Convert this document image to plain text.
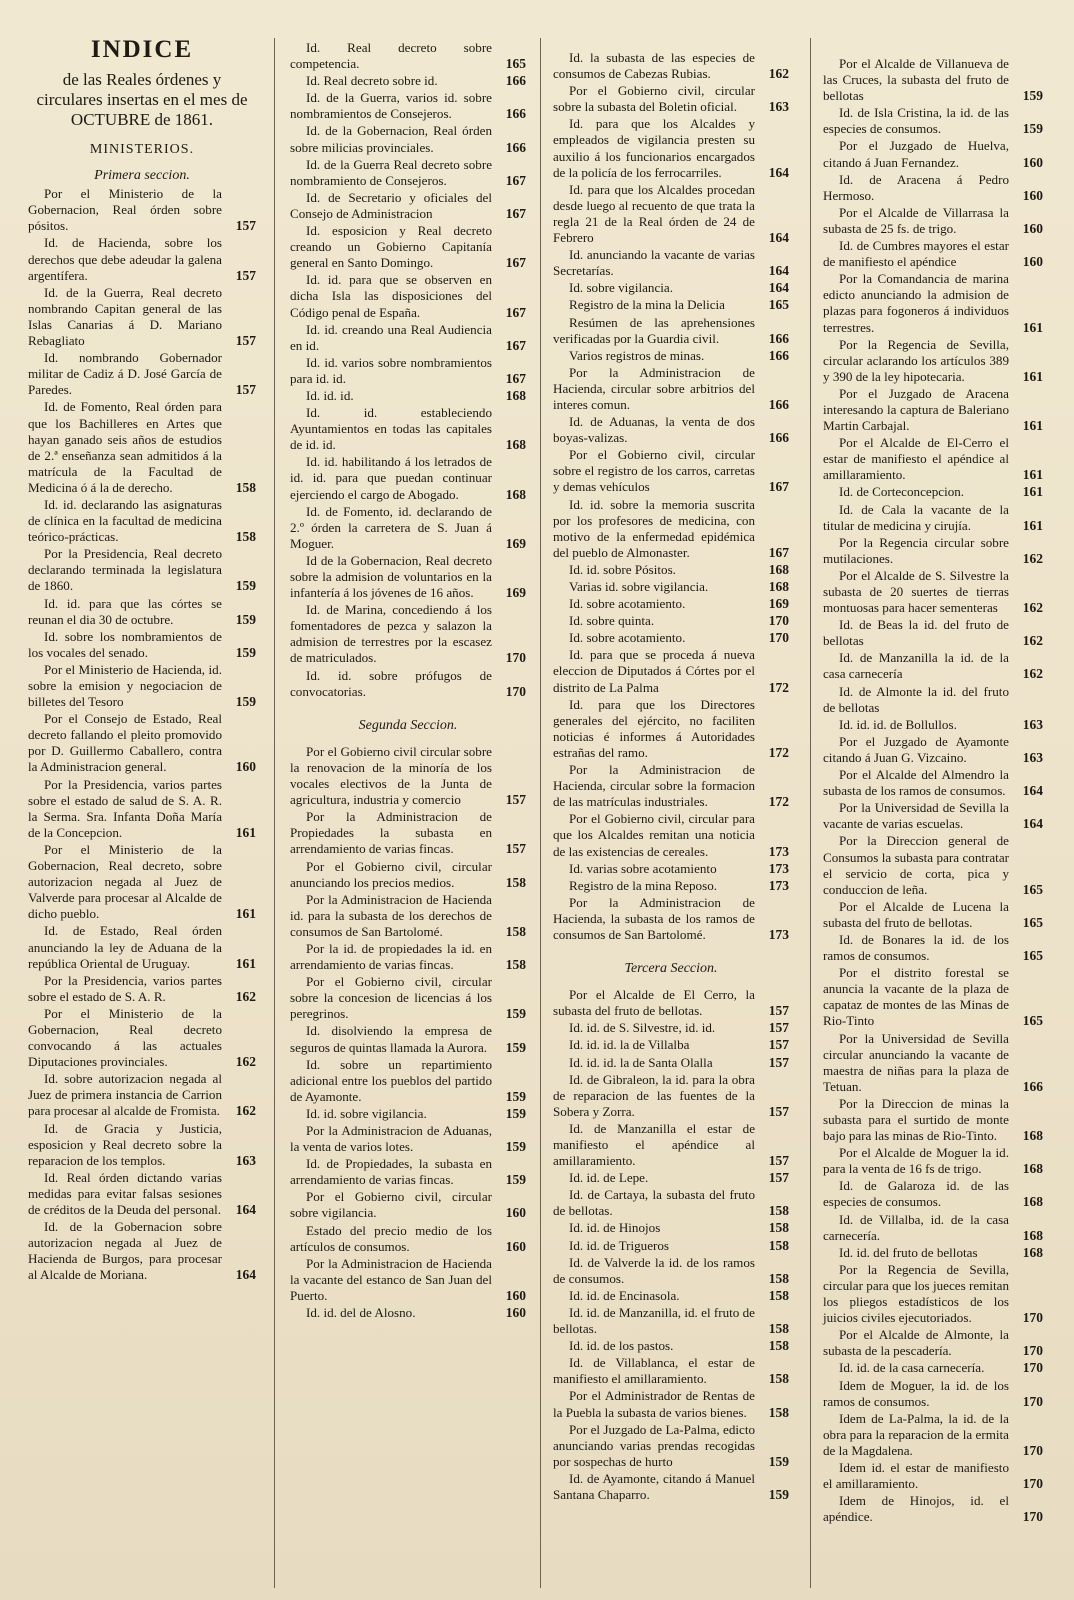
INDICE
de las Reales órdenes y circulares insertas en el mes de OCTUBRE de 1861.
MINISTERIOS.
Primera seccion.
Por el Ministerio de la Gobernacion, Real órden sobre pósitos.	157
Id. de Hacienda, sobre los derechos que debe adeudar la galena argentífera.	157
Id. de la Guerra, Real decreto nombrando Capitan general de las Islas Canarias á D. Mariano Rebagliato	157
Id. nombrando Gobernador militar de Cadiz á D. José García de Paredes.	157
Id. de Fomento, Real órden para que los Bachilleres en Artes que hayan ganado seis años de estudios de 2.ª enseñanza sean admitidos á la matrícula de la Facultad de Medicina ó á la de derecho.	158
Id. id. declarando las asignaturas de clínica en la facultad de medicina teórico-prácticas.	158
Por la Presidencia, Real decreto declarando terminada la legislatura de 1860.	159
Id. id. para que las córtes se reunan el dia 30 de octubre.	159
Id. sobre los nombramientos de los vocales del senado.	159
Por el Ministerio de Hacienda, id. sobre la emision y negociacion de billetes del Tesoro	159
Por el Consejo de Estado, Real decreto fallando el pleito promovido por D. Guillermo Caballero, contra la Administracion general.	160
Por la Presidencia, varios partes sobre el estado de salud de S. A. R. la Serma. Sra. Infanta Doña María de la Concepcion.	161
Por el Ministerio de la Gobernacion, Real decreto, sobre autorizacion negada al Juez de Valverde para procesar al Alcalde de dicho pueblo.	161
Id. de Estado, Real órden anunciando la ley de Aduana de la república Oriental de Uruguay.	161
Por la Presidencia, varios partes sobre el estado de S. A. R.	162
Por el Ministerio de la Gobernacion, Real decreto convocando á las actuales Diputaciones provinciales.	162
Id. sobre autorizacion negada al Juez de primera instancia de Carrion para procesar al alcalde de Fromista.	162
Id. de Gracia y Justicia, esposicion y Real decreto sobre la reparacion de los templos.	163
Id. Real órden dictando varias medidas para evitar falsas sesiones de créditos de la Deuda del personal.	164
Id. de la Gobernacion sobre autorizacion negada al Juez de Hacienda de Burgos, para procesar al Alcalde de Moriana.	164
Id. Real decreto sobre competencia.	165
Id. Real decreto sobre id.	166
Id. de la Guerra, varios id. sobre nombramientos de Consejeros.	166
Id. de la Gobernacion, Real órden sobre milicias provinciales.	166
Id. de la Guerra Real decreto sobre nombramiento de Consejeros.	167
Id. de Secretario y oficiales del Consejo de Administracion	167
Id. esposicion y Real decreto creando un Gobierno Capitanía general en Santo Domingo.	167
Id. id. para que se observen en dicha Isla las disposiciones del Código penal de España.	167
Id. id. creando una Real Audiencia en id.	167
Id. id. varios sobre nombramientos para id. id.	167
Id. id. id.	168
Id. id. estableciendo Ayuntamientos en todas las capitales de id. id.	168
Id. id. habilitando á los letrados de id. id. para que puedan continuar ejerciendo el cargo de Abogado.	168
Id. de Fomento, id. declarando de 2.º órden la carretera de S. Juan á Moguer.	169
Id de la Gobernacion, Real decreto sobre la admision de voluntarios en la infantería á los jóvenes de 16 años.	169
Id. de Marina, concediendo á los fomentadores de pezca y salazon la admision de terrestres por la escasez de matriculados.	170
Id. id. sobre prófugos de convocatorias.	170
Segunda Seccion.
Por el Gobierno civil circular sobre la renovacion de la minoría de los vocales electivos de la Junta de agricultura, industria y comercio	157
Por la Administracion de Propiedades la subasta en arrendamiento de varias fincas.	157
Por el Gobierno civil, circular anunciando los precios medios.	158
Por la Administracion de Hacienda id. para la subasta de los derechos de consumos de San Bartolomé.	158
Por la id. de propiedades la id. en arrendamiento de varias fincas.	158
Por el Gobierno civil, circular sobre la concesion de licencias á los peregrinos.	159
Id. disolviendo la empresa de seguros de quintas llamada la Aurora.	159
Id. sobre un repartimiento adicional entre los pueblos del partido de Ayamonte.	159
Id. id. sobre vigilancia.	159
Por la Administracion de Aduanas, la venta de varios lotes.	159
Id. de Propiedades, la subasta en arrendamiento de varias fincas.	159
Por el Gobierno civil, circular sobre vigilancia.	160
Estado del precio medio de los artículos de consumos.	160
Por la Administracion de Hacienda la vacante del estanco de San Juan del Puerto.	160
Id. id. del de Alosno.	160
Id. la subasta de las especies de consumos de Cabezas Rubias.	162
Por el Gobierno civil, circular sobre la subasta del Boletin oficial.	163
Id. para que los Alcaldes y empleados de vigilancia presten su auxilio á los funcionarios encargados de la policía de los ferrocarriles.	164
Id. para que los Alcaldes procedan desde luego al recuento de que trata la regla 21 de la Real órden de 24 de Febrero	164
Id. anunciando la vacante de varias Secretarías.	164
Id. sobre vigilancia.	164
Registro de la mina la Delicia	165
Resúmen de las aprehensiones verificadas por la Guardia civil.	166
Varios registros de minas.	166
Por la Administracion de Hacienda, circular sobre arbitrios del interes comun.	166
Id. de Aduanas, la venta de dos boyas-valizas.	166
Por el Gobierno civil, circular sobre el registro de los carros, carretas y demas vehículos	167
Id. id. sobre la memoria suscrita por los profesores de medicina, con motivo de la enfermedad epidémica del pueblo de Almonaster.	167
Id. id. sobre Pósitos.	168
Varias id. sobre vigilancia.	168
Id. sobre acotamiento.	169
Id. sobre quinta.	170
Id. sobre acotamiento.	170
Id. para que se proceda á nueva eleccion de Diputados á Córtes por el distrito de La Palma	172
Id. para que los Directores generales del ejército, no faciliten noticias é informes á Autoridades estrañas del ramo.	172
Por la Administracion de Hacienda, circular sobre la formacion de las matrículas industriales.	172
Por el Gobierno civil, circular para que los Alcaldes remitan una noticia de las existencias de cereales.	173
Id. varias sobre acotamiento	173
Registro de la mina Reposo.	173
Por la Administracion de Hacienda, la subasta de los ramos de consumos de San Bartolomé.	173
Tercera Seccion.
Por el Alcalde de El Cerro, la subasta del fruto de bellotas.	157
Id. id. de S. Silvestre, id. id.	157
Id. id. id. la de Villalba	157
Id. id. id. la de Santa Olalla	157
Id. de Gibraleon, la id. para la obra de reparacion de las fuentes de la Sobera y Zorra.	157
Id. de Manzanilla el estar de manifiesto el apéndice al amillaramiento.	157
Id. id. de Lepe.	157
Id. de Cartaya, la subasta del fruto de bellotas.	158
Id. id. de Hinojos	158
Id. id. de Trigueros	158
Id. de Valverde la id. de los ramos de consumos.	158
Id. id. de Encinasola.	158
Id. id. de Manzanilla, id. el fruto de bellotas.	158
Id. id. de los pastos.	158
Id. de Villablanca, el estar de manifiesto el amillaramiento.	158
Por el Administrador de Rentas de la Puebla la subasta de varios bienes.	158
Por el Juzgado de La-Palma, edicto anunciando varias prendas recogidas por sospechas de hurto	159
Id. de Ayamonte, citando á Manuel Santana Chaparro.	159
Por el Alcalde de Villanueva de las Cruces, la subasta del fruto de bellotas	159
Id. de Isla Cristina, la id. de las especies de consumos.	159
Por el Juzgado de Huelva, citando á Juan Fernandez.	160
Id. de Aracena á Pedro Hermoso.	160
Por el Alcalde de Villarrasa la subasta de 25 fs. de trigo.	160
Id. de Cumbres mayores el estar de manifiesto el apéndice	160
Por la Comandancia de marina edicto anunciando la admision de plazas para fogoneros á individuos terrestres.	161
Por la Regencia de Sevilla, circular aclarando los artículos 389 y 390 de la ley hipotecaria.	161
Por el Juzgado de Aracena interesando la captura de Baleriano Martin Carbajal.	161
Por el Alcalde de El-Cerro el estar de manifiesto el apéndice al amillaramiento.	161
Id. de Corteconcepcion.	161
Id. de Cala la vacante de la titular de medicina y cirujía.	161
Por la Regencia circular sobre mutilaciones.	162
Por el Alcalde de S. Silvestre la subasta de 20 suertes de tierras montuosas para hacer sementeras	162
Id. de Beas la id. del fruto de bellotas	162
Id. de Manzanilla la id. de la casa carnecería	162
Id. de Almonte la id. del fruto de bellotas
Id. id. id. de Bollullos.	163
Por el Juzgado de Ayamonte citando á Juan G. Vizcaino.	163
Por el Alcalde del Almendro la subasta de los ramos de consumos.	164
Por la Universidad de Sevilla la vacante de varias escuelas.	164
Por la Direccion general de Consumos la subasta para contratar el servicio de corta, pica y conduccion de leña.	165
Por el Alcalde de Lucena la subasta del fruto de bellotas.	165
Id. de Bonares la id. de los ramos de consumos.	165
Por el distrito forestal se anuncia la vacante de la plaza de capataz de montes de las Minas de Rio-Tinto	165
Por la Universidad de Sevilla circular anunciando la vacante de maestra de niñas para la plaza de Tetuan.	166
Por la Direccion de minas la subasta para el surtido de monte bajo para las minas de Rio-Tinto.	168
Por el Alcalde de Moguer la id. para la venta de 16 fs de trigo.	168
Id. de Galaroza id. de las especies de consumos.	168
Id. de Villalba, id. de la casa carnecería.	168
Id. id. del fruto de bellotas	168
Por la Regencia de Sevilla, circular para que los jueces remitan los pliegos estadísticos de los juicios civiles ejecutoriados.	170
Por el Alcalde de Almonte, la subasta de la pescadería.	170
Id. id. de la casa carnecería.	170
Idem de Moguer, la id. de los ramos de consumos.	170
Idem de La-Palma, la id. de la obra para la reparacion de la ermita de la Magdalena.	170
Idem id. el estar de manifiesto el amillaramiento.	170
Idem de Hinojos, id. el apéndice.	170
